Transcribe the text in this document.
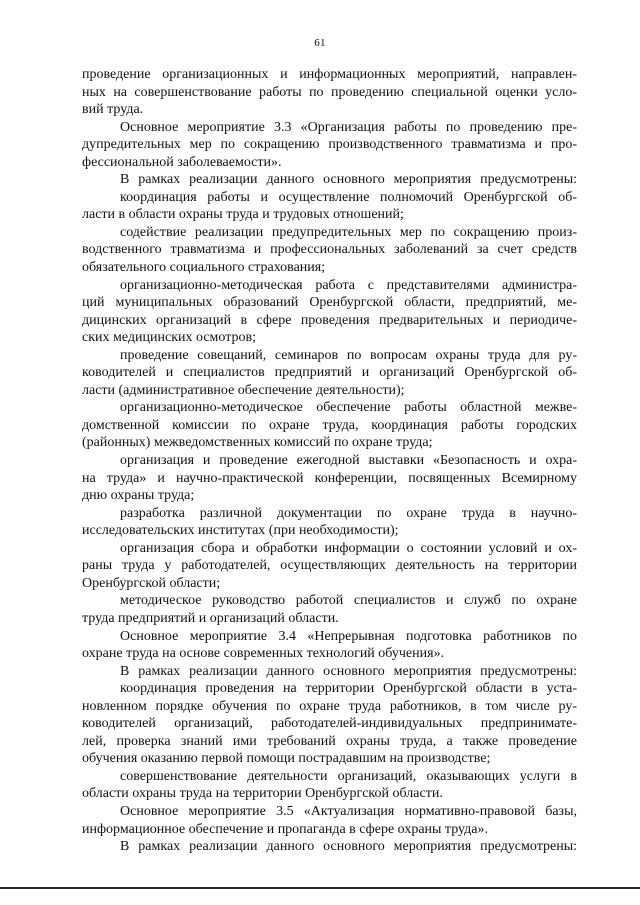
61
проведение организационных и информационных мероприятий, направлен-
ных на совершенствование работы по проведению специальной оценки усло-
вий труда.
Основное мероприятие 3.3 «Организация работы по проведению пре-
дупредительных мер по сокращению производственного травматизма и про-
фессиональной заболеваемости».
В рамках реализации данного основного мероприятия предусмотрены:
координация работы и осуществление полномочий Оренбургской об-
ласти в области охраны труда и трудовых отношений;
содействие реализации предупредительных мер по сокращению произ-
водственного травматизма и профессиональных заболеваний за счет средств
обязательного социального страхования;
организационно-методическая работа с представителями администра-
ций муниципальных образований Оренбургской области, предприятий, ме-
дицинских организаций в сфере проведения предварительных и периодиче-
ских медицинских осмотров;
проведение совещаний, семинаров по вопросам охраны труда для ру-
ководителей и специалистов предприятий и организаций Оренбургской об-
ласти (административное обеспечение деятельности);
организационно-методическое обеспечение работы областной межве-
домственной комиссии по охране труда, координация работы городских
(районных) межведомственных комиссий по охране труда;
организация и проведение ежегодной выставки «Безопасность и охра-
на труда» и научно-практической конференции, посвященных Всемирному
дню охраны труда;
разработка различной документации по охране труда в научно-
исследовательских институтах (при необходимости);
организация сбора и обработки информации о состоянии условий и ох-
раны труда у работодателей, осуществляющих деятельность на территории
Оренбургской области;
методическое руководство работой специалистов и служб по охране
труда предприятий и организаций области.
Основное мероприятие 3.4 «Непрерывная подготовка работников по
охране труда на основе современных технологий обучения».
В рамках реализации данного основного мероприятия предусмотрены:
координация проведения на территории Оренбургской области в уста-
новленном порядке обучения по охране труда работников, в том числе ру-
ководителей организаций, работодателей-индивидуальных предпринимате-
лей, проверка знаний ими требований охраны труда, а также проведение
обучения оказанию первой помощи пострадавшим на производстве;
совершенствование деятельности организаций, оказывающих услуги в
области охраны труда на территории Оренбургской области.
Основное мероприятие 3.5 «Актуализация нормативно-правовой базы,
информационное обеспечение и пропаганда в сфере охраны труда».
В рамках реализации данного основного мероприятия предусмотрены:
